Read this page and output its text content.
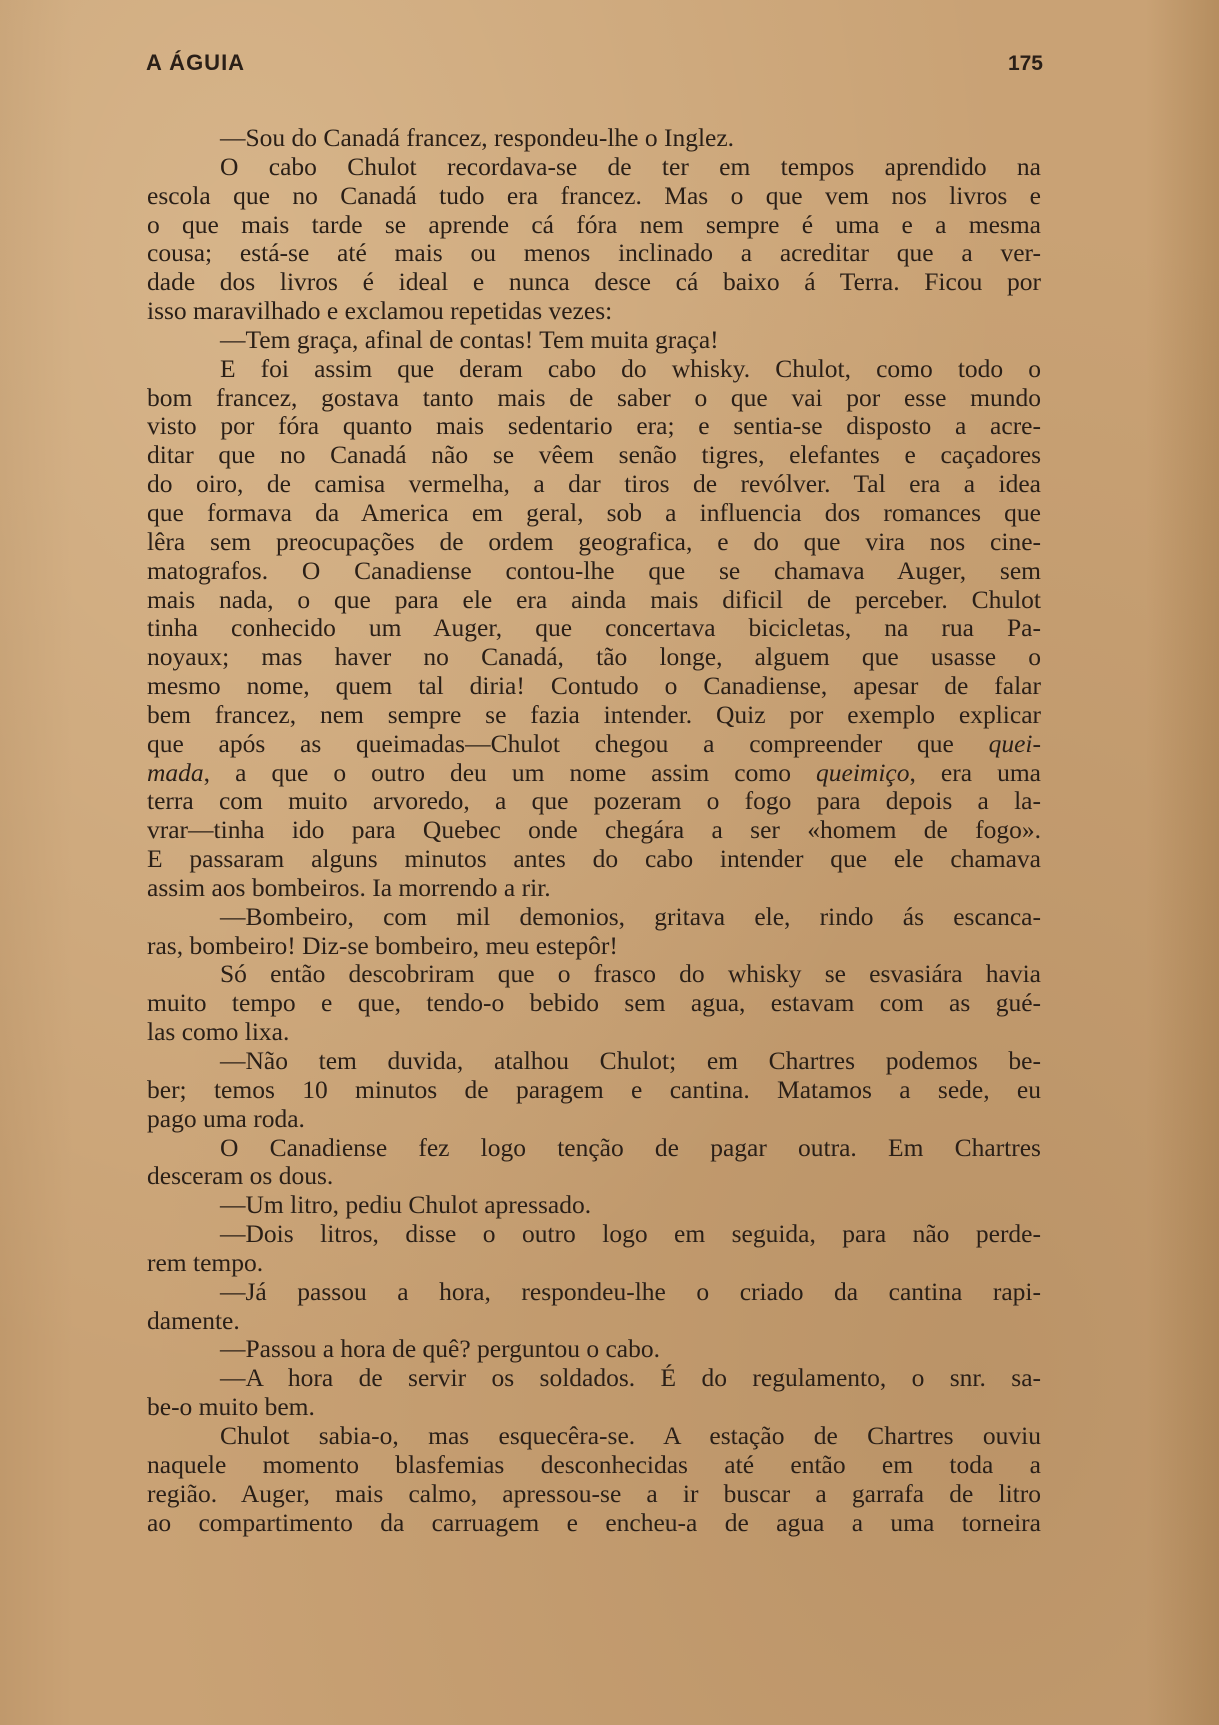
A ÁGUIA	175
—Sou do Canadá francez, respondeu-lhe o Inglez.
O cabo Chulot recordava-se de ter em tempos aprendido na
escola que no Canadá tudo era francez. Mas o que vem nos livros e
o que mais tarde se aprende cá fóra nem sempre é uma e a mesma
cousa; está-se até mais ou menos inclinado a acreditar que a ver-
dade dos livros é ideal e nunca desce cá baixo á Terra. Ficou por
isso maravilhado e exclamou repetidas vezes:
—Tem graça, afinal de contas! Tem muita graça!
E foi assim que deram cabo do whisky. Chulot, como todo o
bom francez, gostava tanto mais de saber o que vai por esse mundo
visto por fóra quanto mais sedentario era; e sentia-se disposto a acre-
ditar que no Canadá não se vêem senão tigres, elefantes e caçadores
do oiro, de camisa vermelha, a dar tiros de revólver. Tal era a idea
que formava da America em geral, sob a influencia dos romances que
lêra sem preocupações de ordem geografica, e do que vira nos cine-
matografos. O Canadiense contou-lhe que se chamava Auger, sem
mais nada, o que para ele era ainda mais dificil de perceber. Chulot
tinha conhecido um Auger, que concertava bicicletas, na rua Pa-
noyaux; mas haver no Canadá, tão longe, alguem que usasse o
mesmo nome, quem tal diria! Contudo o Canadiense, apesar de falar
bem francez, nem sempre se fazia intender. Quiz por exemplo explicar
que após as queimadas—Chulot chegou a compreender que quei-
mada, a que o outro deu um nome assim como queimiço, era uma
terra com muito arvoredo, a que pozeram o fogo para depois a la-
vrar—tinha ido para Quebec onde chegára a ser «homem de fogo».
E passaram alguns minutos antes do cabo intender que ele chamava
assim aos bombeiros. Ia morrendo a rir.
—Bombeiro, com mil demonios, gritava ele, rindo ás escanca-
ras, bombeiro! Diz-se bombeiro, meu estepôr!
Só então descobriram que o frasco do whisky se esvasiára havia
muito tempo e que, tendo-o bebido sem agua, estavam com as gué-
las como lixa.
—Não tem duvida, atalhou Chulot; em Chartres podemos be-
ber; temos 10 minutos de paragem e cantina. Matamos a sede, eu
pago uma roda.
O Canadiense fez logo tenção de pagar outra. Em Chartres
desceram os dous.
—Um litro, pediu Chulot apressado.
—Dois litros, disse o outro logo em seguida, para não perde-
rem tempo.
—Já passou a hora, respondeu-lhe o criado da cantina rapi-
damente.
—Passou a hora de quê? perguntou o cabo.
—A hora de servir os soldados. É do regulamento, o snr. sa-
be-o muito bem.
Chulot sabia-o, mas esquecêra-se. A estação de Chartres ouviu
naquele momento blasfemias desconhecidas até então em toda a
região. Auger, mais calmo, apressou-se a ir buscar a garrafa de litro
ao compartimento da carruagem e encheu-a de agua a uma torneira
